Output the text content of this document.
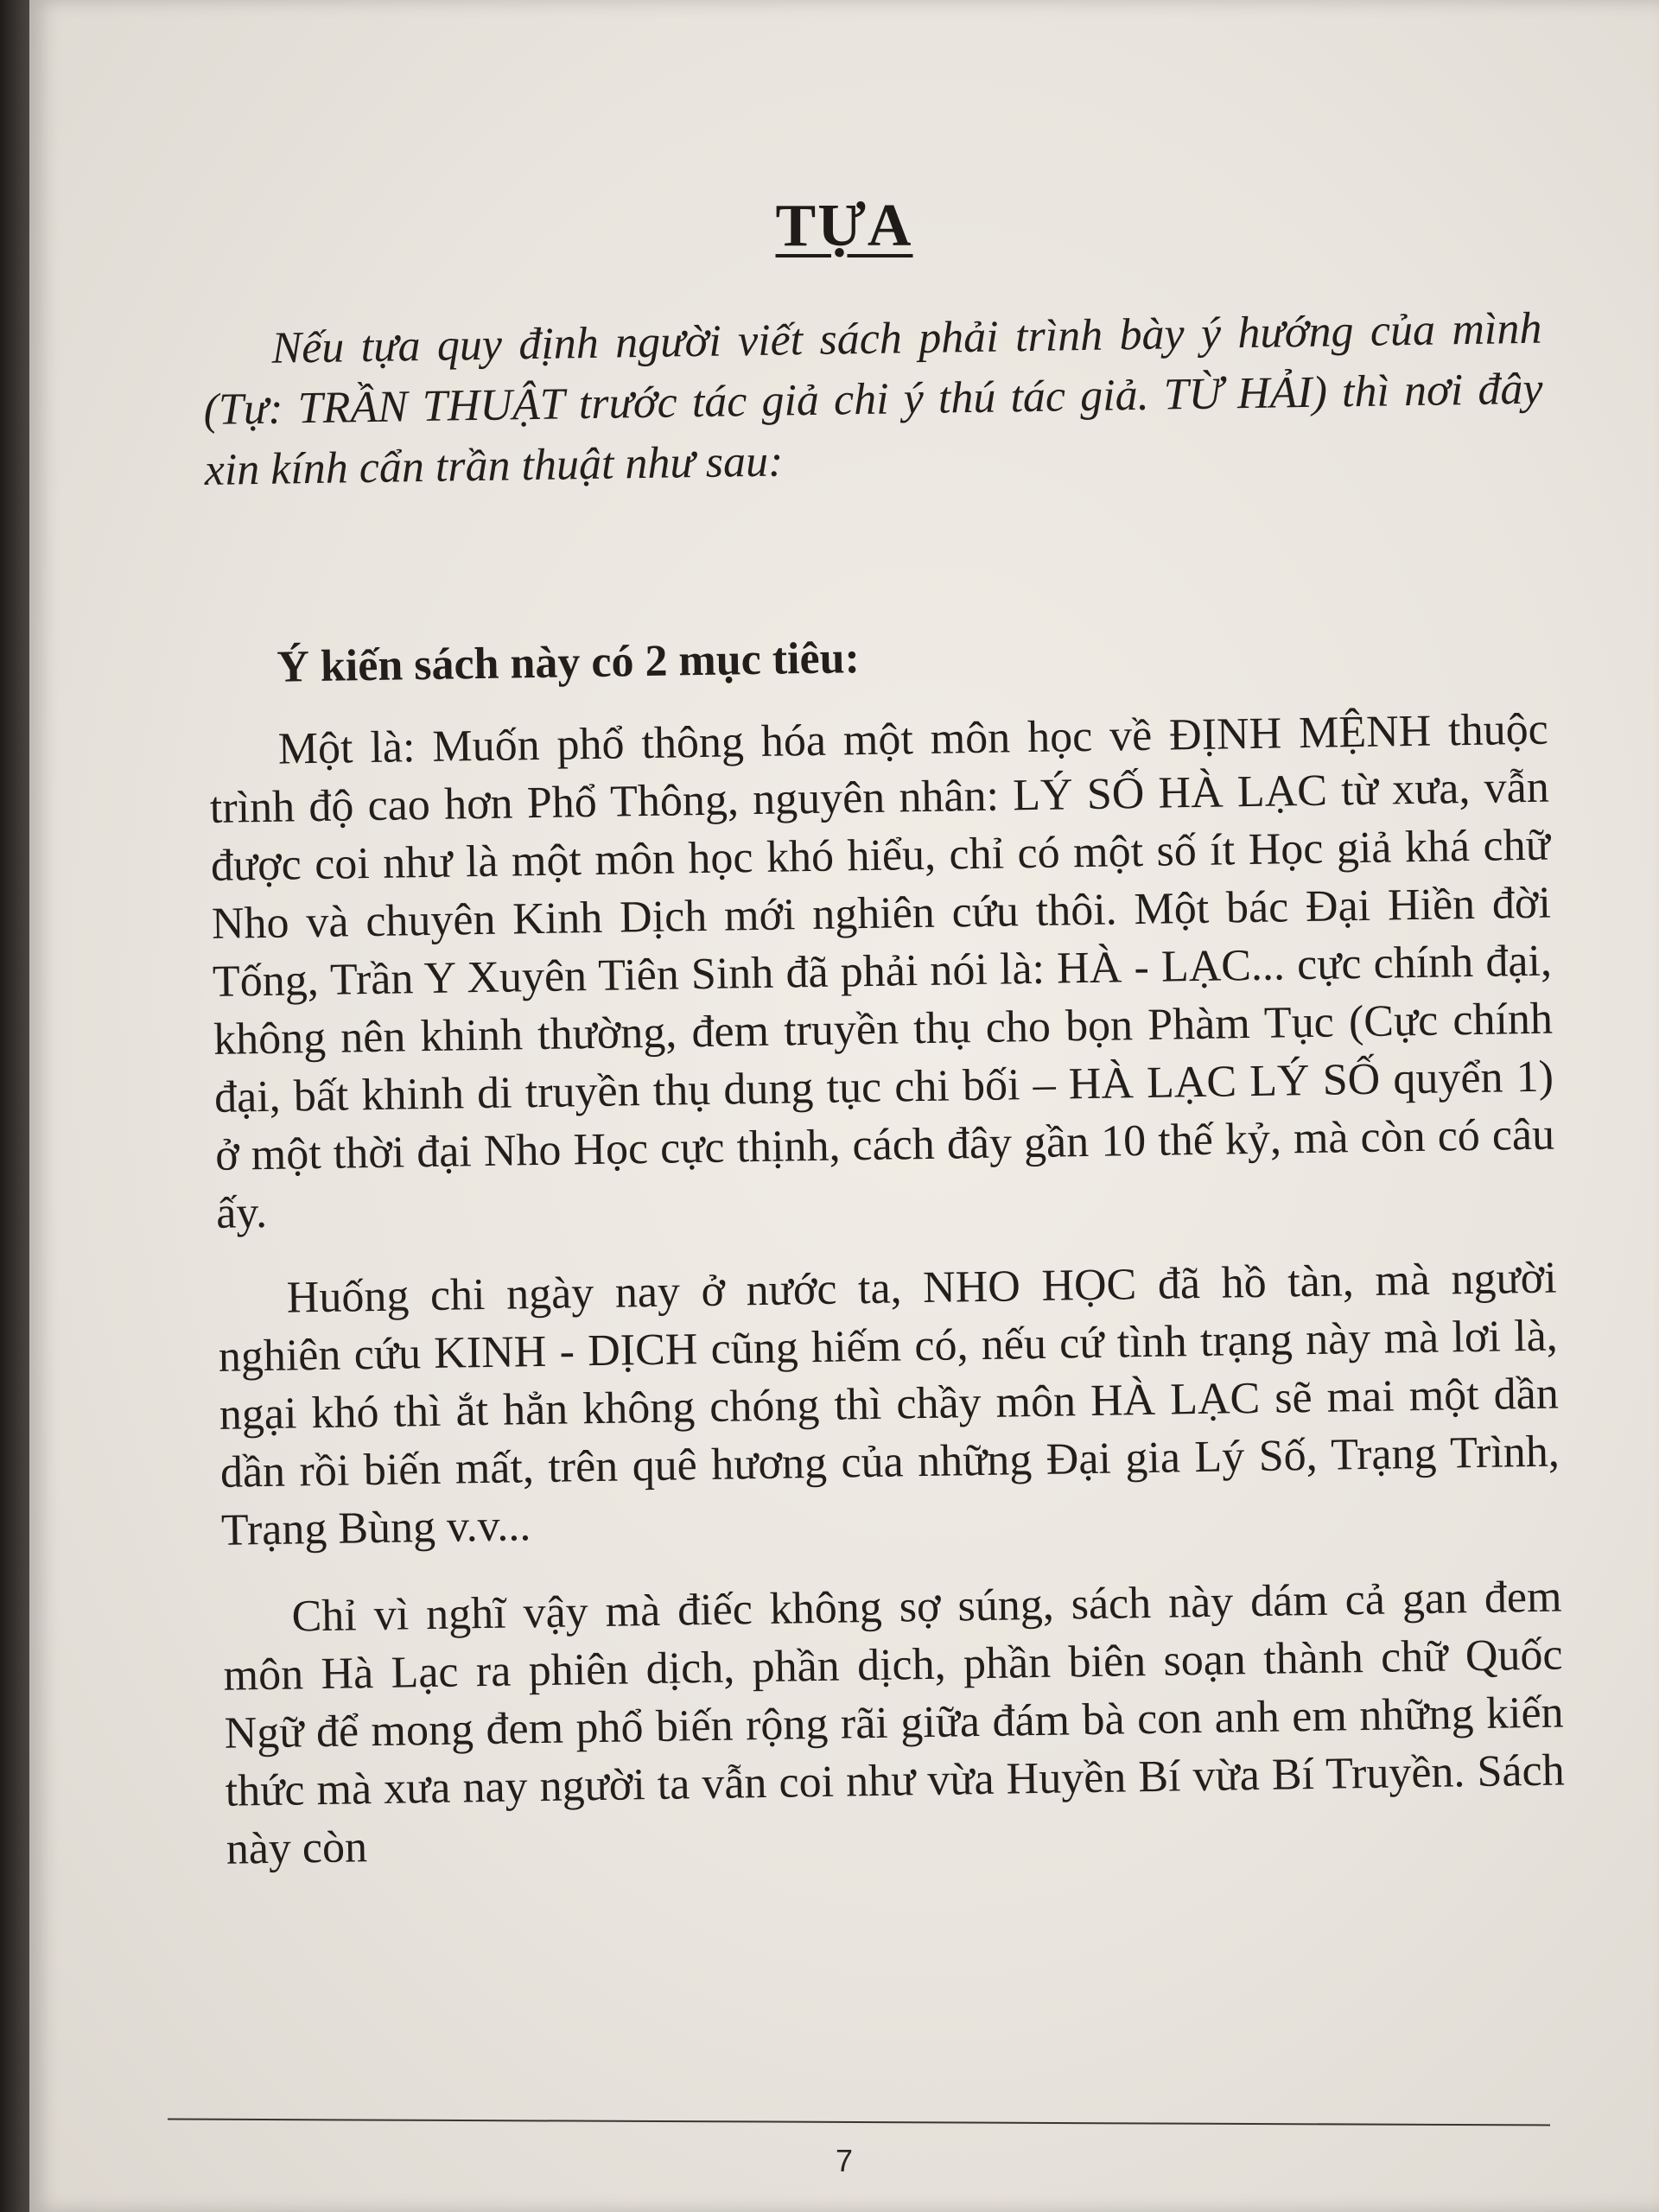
TỰA

Nếu tựa quy định người viết sách phải trình bày ý hướng của mình (Tự: TRẦN THUẬT trước tác giả chi ý thú tác giả. TỪ HẢI) thì nơi đây xin kính cẩn trần thuật như sau:

Ý kiến sách này có 2 mục tiêu:

Một là: Muốn phổ thông hóa một môn học về ĐỊNH MỆNH thuộc trình độ cao hơn Phổ Thông, nguyên nhân: LÝ SỐ HÀ LẠC từ xưa, vẫn được coi như là một môn học khó hiểu, chỉ có một số ít Học giả khá chữ Nho và chuyên Kinh Dịch mới nghiên cứu thôi. Một bác Đại Hiền đời Tống, Trần Y Xuyên Tiên Sinh đã phải nói là: HÀ - LẠC... cực chính đại, không nên khinh thường, đem truyền thụ cho bọn Phàm Tục (Cực chính đại, bất khinh di truyền thụ dung tục chi bối – HÀ LẠC LÝ SỐ quyển 1) ở một thời đại Nho Học cực thịnh, cách đây gần 10 thế kỷ, mà còn có câu ấy.

Huống chi ngày nay ở nước ta, NHO HỌC đã hồ tàn, mà người nghiên cứu KINH - DỊCH cũng hiếm có, nếu cứ tình trạng này mà lơi là, ngại khó thì ắt hẳn không chóng thì chầy môn HÀ LẠC sẽ mai một dần dần rồi biến mất, trên quê hương của những Đại gia Lý Số, Trạng Trình, Trạng Bùng v.v...

Chỉ vì nghĩ vậy mà điếc không sợ súng, sách này dám cả gan đem môn Hà Lạc ra phiên dịch, phần dịch, phần biên soạn thành chữ Quốc Ngữ để mong đem phổ biến rộng rãi giữa đám bà con anh em những kiến thức mà xưa nay người ta vẫn coi như vừa Huyền Bí vừa Bí Truyền. Sách này còn

7
